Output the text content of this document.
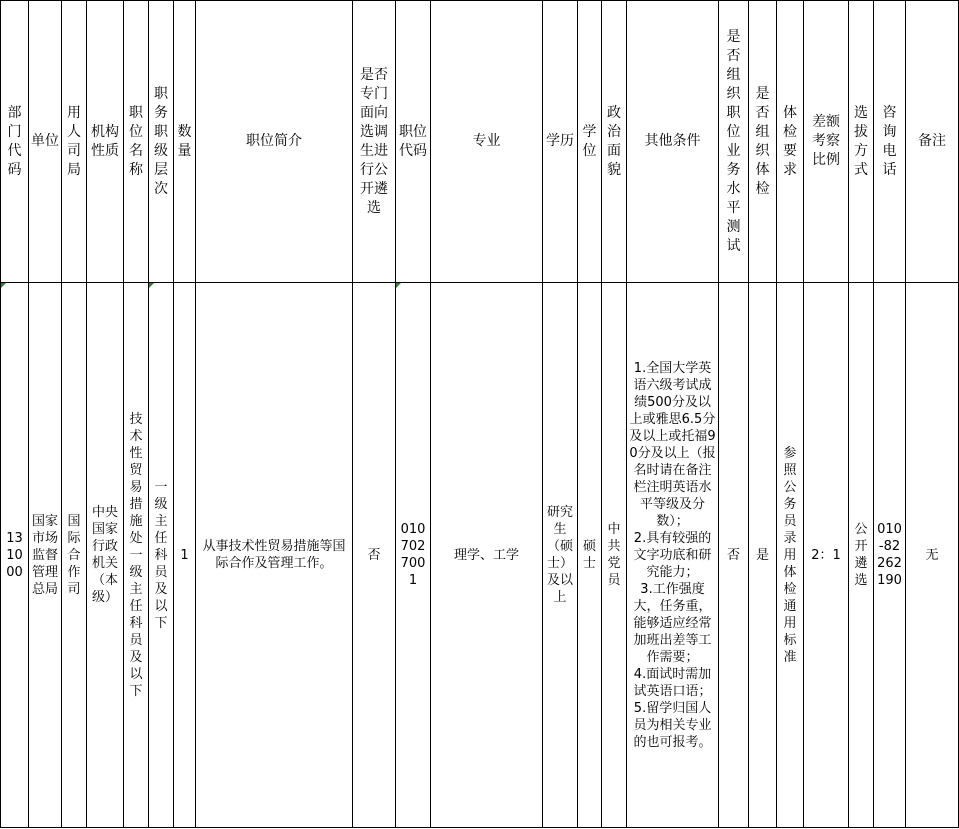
部门代码	单位	用人司局	机构性质	职位名称	职务职级层次	数量	职位简介	是否专门面向选调生进行公开遴选	职位代码	专业	学历	学位	政治面貌	其他条件	是否组织职位业务水平测试	是否组织体检	体检要求	差额考察比例	选拔方式	咨询电话	备注
131000	国家市场监督管理总局	国际合作司	中央国家行政机关（本级）	技术性贸易措施处一级主任科员及以下	一级主任科员及以下	1	从事技术性贸易措施等国际合作及管理工作。	否	010702700 1	理学、工学	研究生（硕士）及以上	硕士	中共党员	1.全国大学英语六级考试成绩500分及以上或雅思6.5分及以上或托福90分及以上（报名时请在备注栏注明英语水平等级及分数）；
2.具有较强的文字功底和研究能力；
3.工作强度大，任务重，能够适应经常加班出差等工作需要；
4.面试时需加试英语口语；
5.留学归国人员为相关专业的也可报考。	否	是	参照公务员录用体检通用标准	2：1	公开遴选	010-82262190	无
